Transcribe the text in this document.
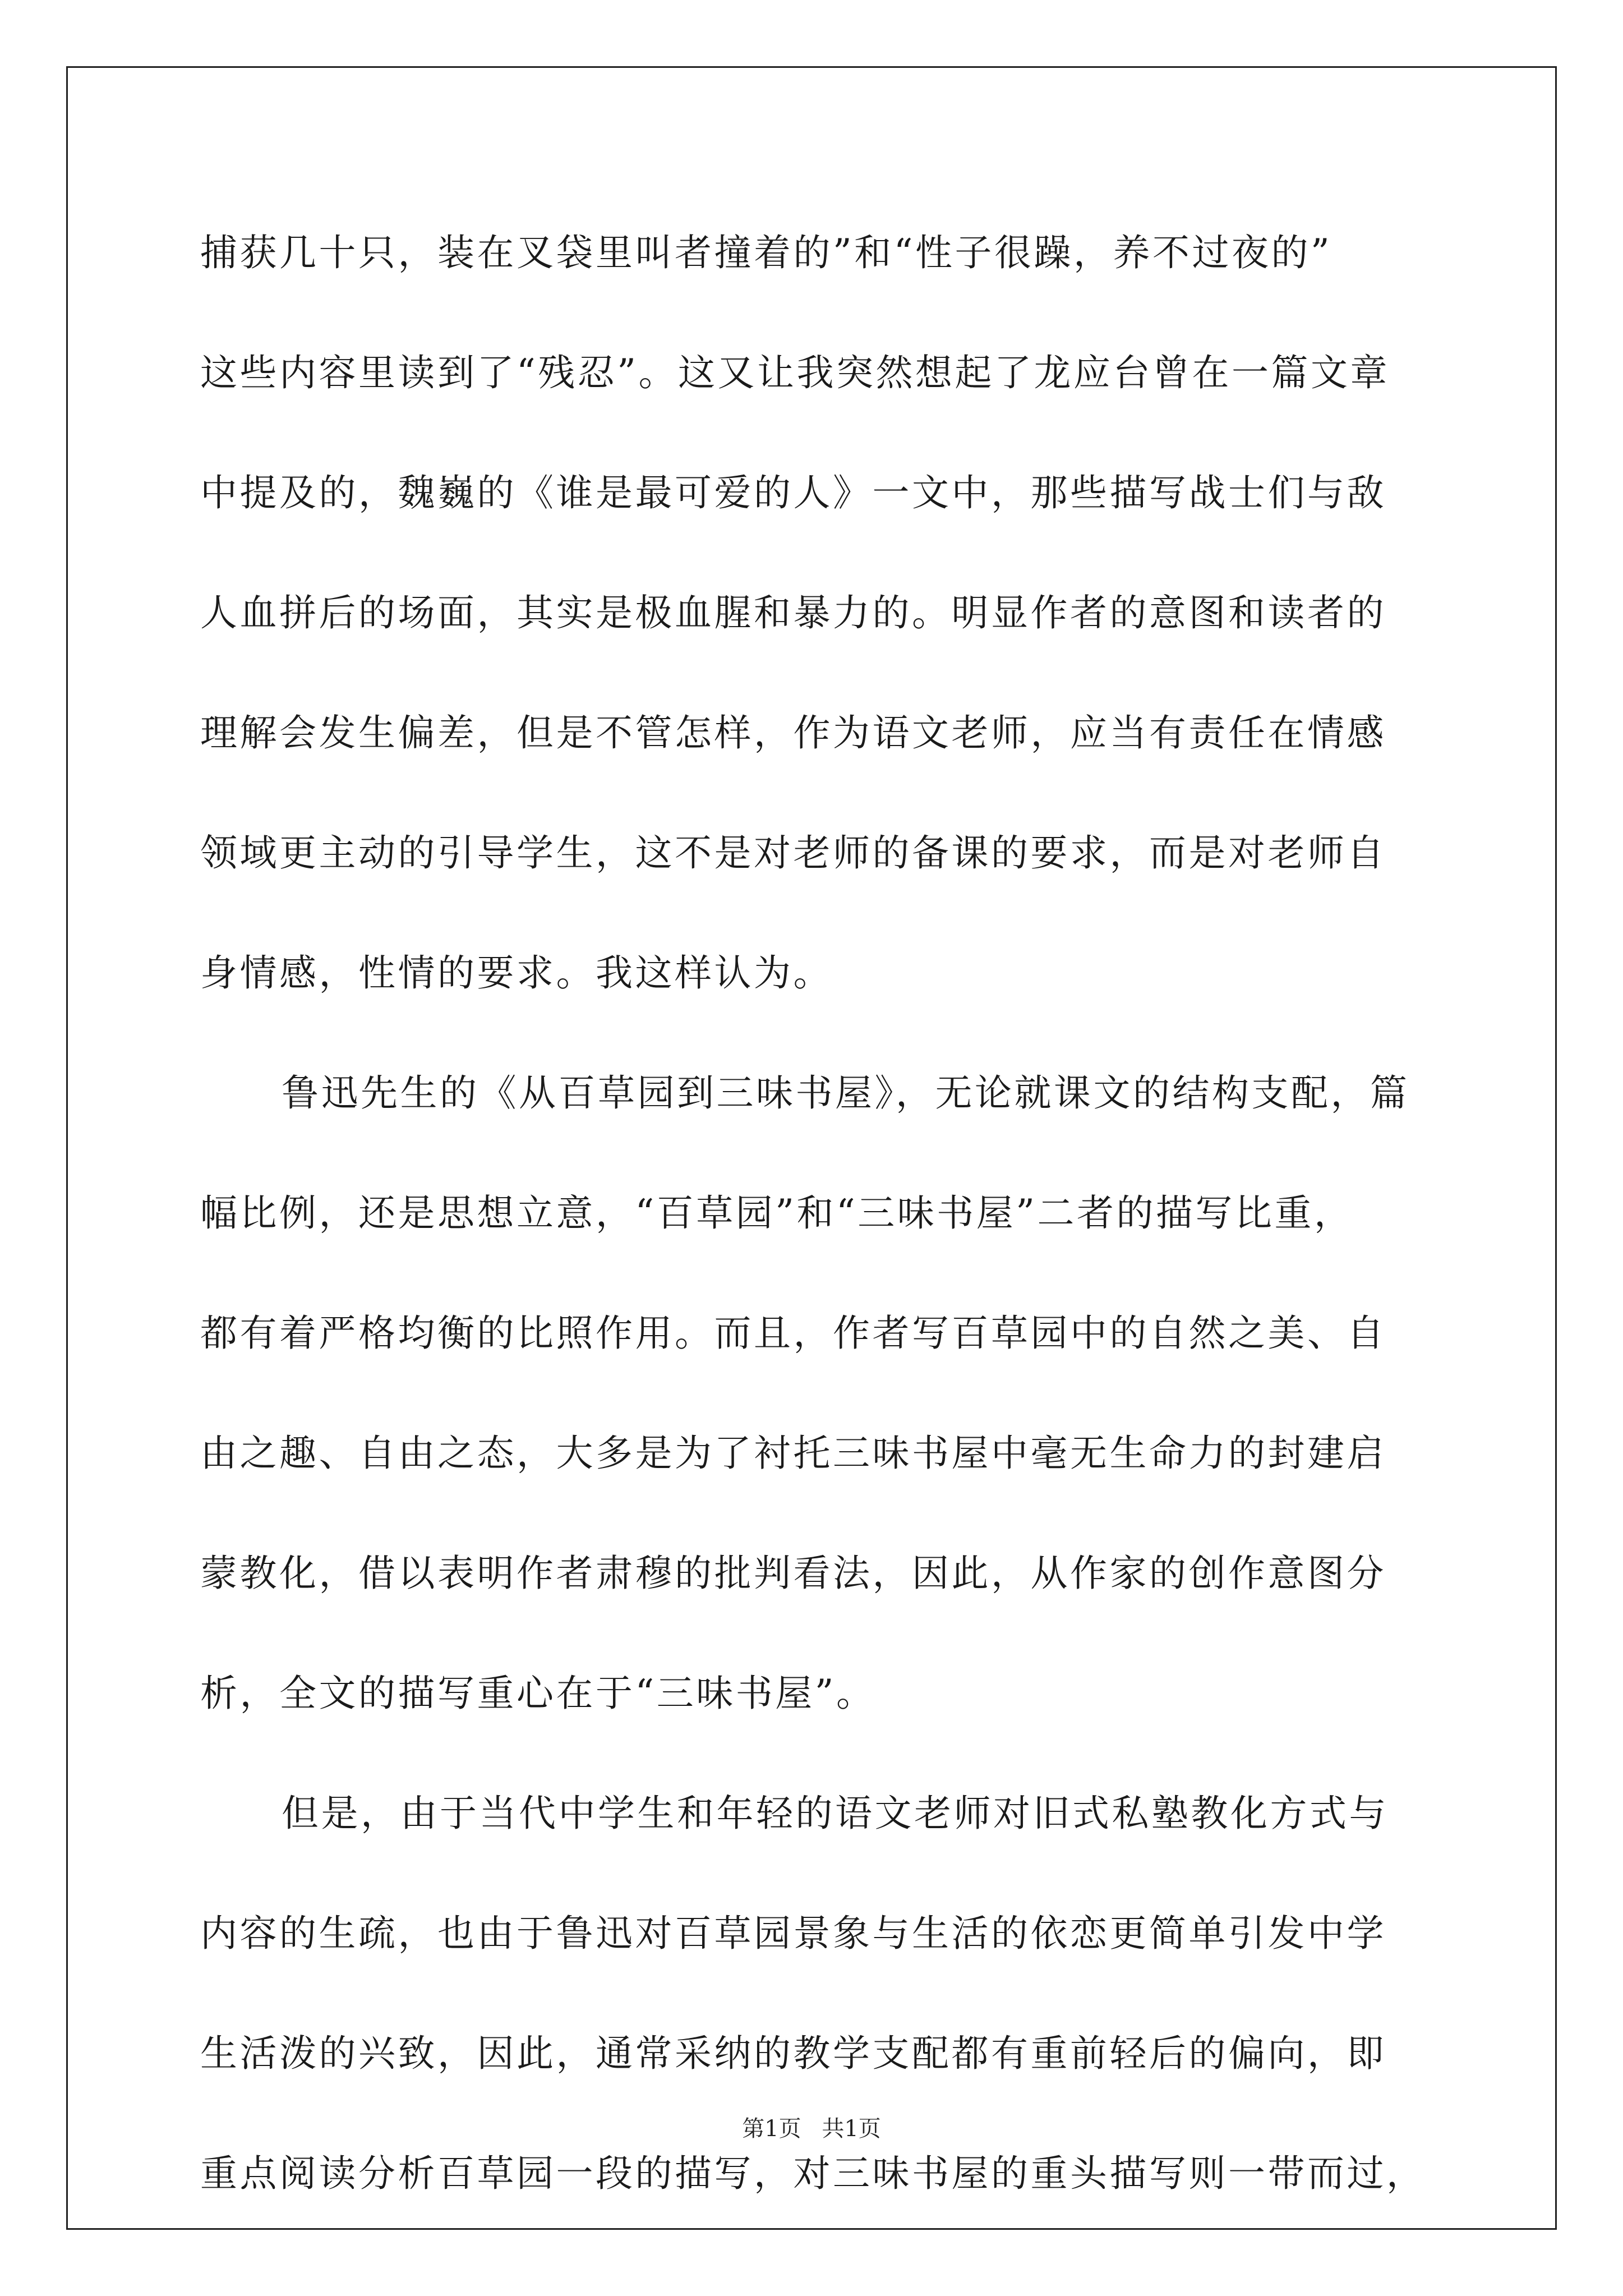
捕获几十只，装在叉袋里叫者撞着的”和“性子很躁，养不过夜的”
这些内容里读到了“残忍”。这又让我突然想起了龙应台曾在一篇文章
中提及的，魏巍的《谁是最可爱的人》一文中，那些描写战士们与敌
人血拼后的场面，其实是极血腥和暴力的。明显作者的意图和读者的
理解会发生偏差，但是不管怎样，作为语文老师，应当有责任在情感
领域更主动的引导学生，这不是对老师的备课的要求，而是对老师自
身情感，性情的要求。我这样认为。
鲁迅先生的《从百草园到三味书屋》，无论就课文的结构支配，篇
幅比例，还是思想立意，“百草园”和“三味书屋”二者的描写比重，
都有着严格均衡的比照作用。而且，作者写百草园中的自然之美、自
由之趣、自由之态，大多是为了衬托三味书屋中毫无生命力的封建启
蒙教化，借以表明作者肃穆的批判看法，因此，从作家的创作意图分
析，全文的描写重心在于“三味书屋”。
但是，由于当代中学生和年轻的语文老师对旧式私塾教化方式与
内容的生疏，也由于鲁迅对百草园景象与生活的依恋更简单引发中学
生活泼的兴致，因此，通常采纳的教学支配都有重前轻后的偏向，即
重点阅读分析百草园一段的描写，对三味书屋的重头描写则一带而过，
第1页 共1页
